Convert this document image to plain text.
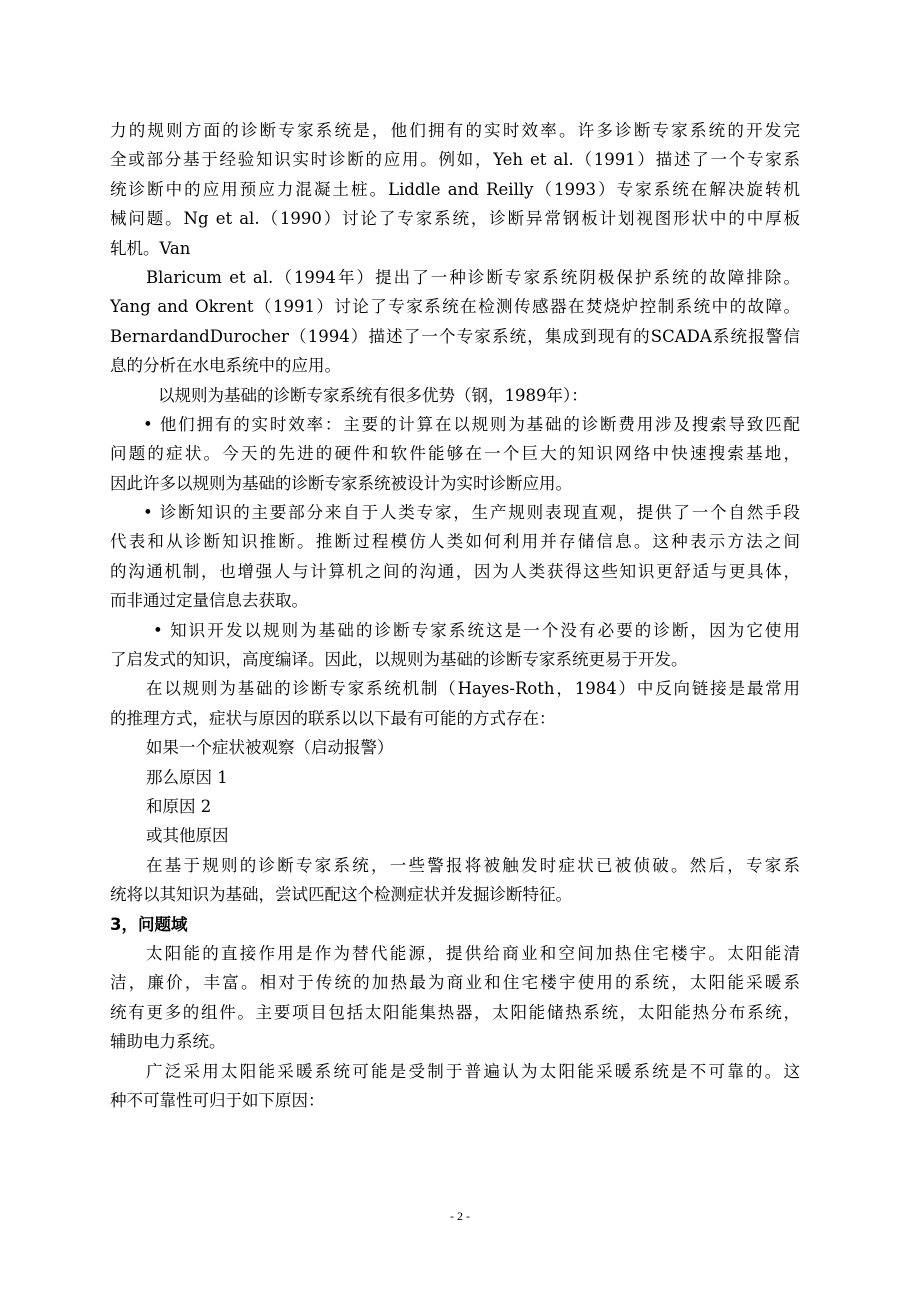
力的规则方面的诊断专家系统是，他们拥有的实时效率。许多诊断专家系统的开发完
全或部分基于经验知识实时诊断的应用。例如，Yeh et al.（1991）描述了一个专家系
统诊断中的应用预应力混凝土桩。Liddle and Reilly（1993）专家系统在解决旋转机
械问题。Ng et al.（1990）讨论了专家系统，诊断异常钢板计划视图形状中的中厚板
轧机。Van
Blaricum et al.（1994年）提出了一种诊断专家系统阴极保护系统的故障排除。
Yang and Okrent（1991）讨论了专家系统在检测传感器在焚烧炉控制系统中的故障。
BernardandDurocher（1994）描述了一个专家系统，集成到现有的SCADA系统报警信
息的分析在水电系统中的应用。
以规则为基础的诊断专家系统有很多优势（钢，1989年）：
• 他们拥有的实时效率：主要的计算在以规则为基础的诊断费用涉及搜索导致匹配
问题的症状。今天的先进的硬件和软件能够在一个巨大的知识网络中快速搜索基地，
因此许多以规则为基础的诊断专家系统被设计为实时诊断应用。
• 诊断知识的主要部分来自于人类专家，生产规则表现直观，提供了一个自然手段
代表和从诊断知识推断。推断过程模仿人类如何利用并存储信息。这种表示方法之间
的沟通机制，也增强人与计算机之间的沟通，因为人类获得这些知识更舒适与更具体，
而非通过定量信息去获取。
• 知识开发以规则为基础的诊断专家系统这是一个没有必要的诊断，因为它使用
了启发式的知识，高度编译。因此，以规则为基础的诊断专家系统更易于开发。
在以规则为基础的诊断专家系统机制（Hayes-Roth，1984）中反向链接是最常用
的推理方式，症状与原因的联系以以下最有可能的方式存在：
如果一个症状被观察（启动报警）
那么原因 1
和原因 2
或其他原因
在基于规则的诊断专家系统，一些警报将被触发时症状已被侦破。然后，专家系
统将以其知识为基础，尝试匹配这个检测症状并发掘诊断特征。
3，问题域
太阳能的直接作用是作为替代能源，提供给商业和空间加热住宅楼宇。太阳能清
洁，廉价，丰富。相对于传统的加热最为商业和住宅楼宇使用的系统，太阳能采暖系
统有更多的组件。主要项目包括太阳能集热器，太阳能储热系统，太阳能热分布系统，
辅助电力系统。
广泛采用太阳能采暖系统可能是受制于普遍认为太阳能采暖系统是不可靠的。这
种不可靠性可归于如下原因：
- 2 -
